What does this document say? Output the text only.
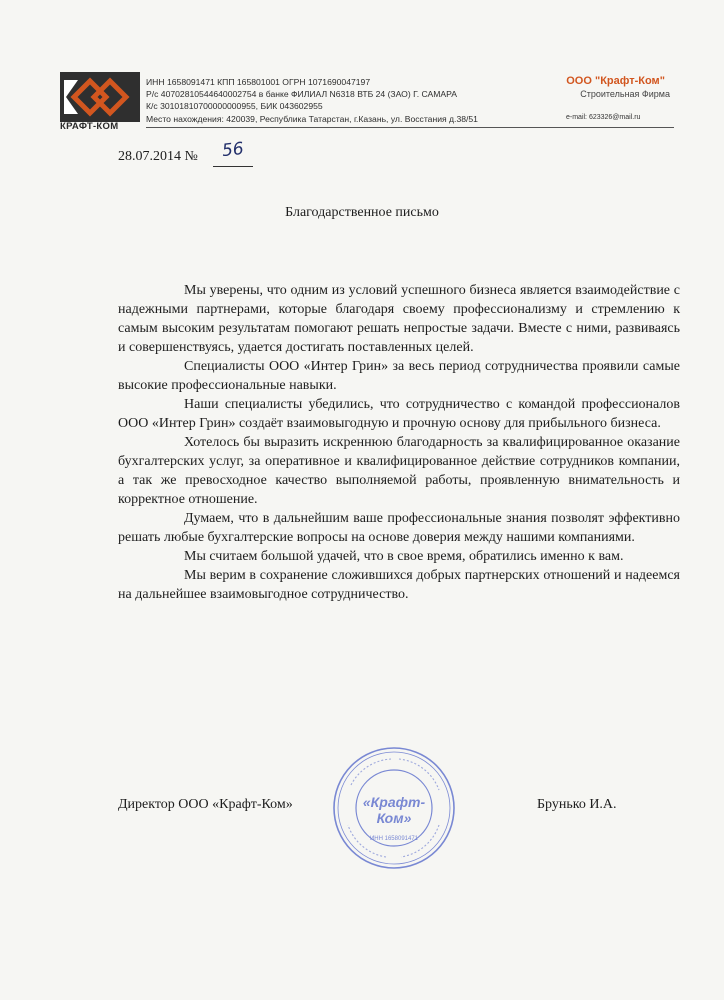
КРАФТ-КОМ
ИНН 1658091471 КПП 165801001 ОГРН 1071690047197
Р/с 40702810544640002754 в банке ФИЛИАЛ N6318 ВТБ 24 (ЗАО) Г. САМАРА
К/с 30101810700000000955, БИК 043602955
Место нахождения: 420039, Республика Татарстан, г.Казань, ул. Восстания д.38/51
ООО "Крафт-Ком"
Строительная Фирма
e-mail: 623326@mail.ru
28.07.2014 № 56
Благодарственное письмо

Мы уверены, что одним из условий успешного бизнеса является взаимодействие с надежными партнерами, которые благодаря своему профессионализму и стремлению к самым высоким результатам помогают решать непростые задачи. Вместе с ними, развиваясь и совершенствуясь, удается достигать поставленных целей.

Специалисты ООО «Интер Грин» за весь период сотрудничества проявили самые высокие профессиональные навыки.

Наши специалисты убедились, что сотрудничество с командой профессионалов ООО «Интер Грин» создаёт взаимовыгодную и прочную основу для прибыльного бизнеса.

Хотелось бы выразить искреннюю благодарность за квалифицированное оказание бухгалтерских услуг, за оперативное и квалифицированное действие сотрудников компании, а так же превосходное качество выполняемой работы, проявленную внимательность и корректное отношение.

Думаем, что в дальнейшим ваше профессиональные знания позволят эффективно решать любые бухгалтерские вопросы на основе доверия между нашими компаниями.

Мы считаем большой удачей, что в свое время, обратились именно к вам.

Мы верим в сохранение сложившихся добрых партнерских отношений и надеемся на дальнейшее взаимовыгодное сотрудничество.

Директор ООО «Крафт-Ком»	Брунько И.А.
«Крафт-
Ком»
ИНН 1658091471
